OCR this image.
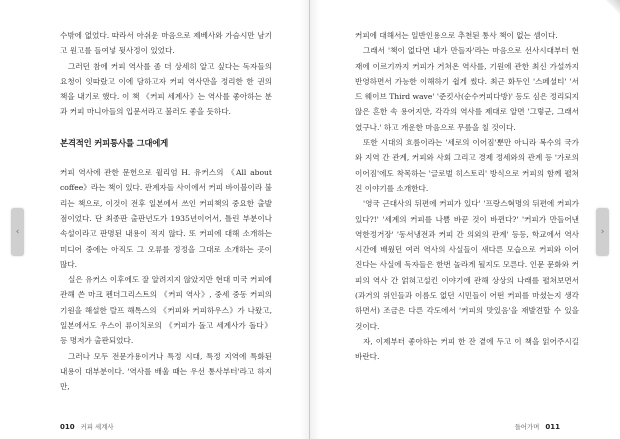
수밖에 없었다. 따라서 아쉬운 마음으로 제베사와 가슴시만 남기고 원고를 들여넣 뒷사정이 있었다.

그러던 참에 커피 역사를 좀 더 상세히 알고 싶다는 독자들의 요청이 잇따랐고 이에 담하고자 커피 역사만을 정리한 한 권의 책을 내기로 했다. 이 책 《커피 세계사》는 역사를 좋아하는 분과 커피 마니아들의 입문서라고 불러도 좋을 듯하다.

본격적인 커피통사를 그대에게

커피 역사에 관한 문헌으로 윌리엄 H. 유커스의 《All about coffee》라는 책이 있다. 관계자들 사이에서 커피 바이블이라 불리는 책으로, 이것이 전후 일본에서 쓰인 커피책의 중요한 출발점이었다. 단 최종판 출판년도가 1935년이어서, 틀린 부분이나 속설이라고 판명된 내용이 적지 않다. 또 커피에 대해 소개하는 미디어 중에는 아직도 그 오류를 정정을 그대로 소개하는 곳이 많다.

실은 유커스 이후에도 잘 알려지지 않았지만 현대 미국 커피에 관해 쓴 마크 펜더그리스트의 《커피 역사》, 중세 중동 커피의 기원을 해설한 랄프 해톡스의 《커피와 커피하우스》가 나왔고, 일본에서도 우스이 류이치로의 《커피가 돌고 세계사가 돌다》등 명저가 출판되었다.

그러나 모두 전문가용이거나 특정 시대, 특정 지역에 특화된 내용이 대부분이다. '역사를 배울 때는 우선 통사부터'라고 하지만,

010 커피 세계사

커피에 대해서는 일반인용으로 추천된 통사 책이 없는 셈이다.

그래서 '책이 없다면 내가 만들자'라는 마음으로 선사시대부터 현재에 이르기까지 커피가 거쳐온 역사를, 기원에 관한 최신 가설까지 반영하면서 가능한 이해하기 쉽게 썼다. 최근 화두인 '스페셜티' '서드 웨이브 Third wave' '준킷사(순수커피다방)' 등도 심은 정리되지 않은 흔한 속 용어지만, 각각의 역사를 제대로 알면 '그렇군, 그래서였구나.' 하고 개운한 마음으로 무릎을 칠 것이다.

또한 시대의 흐름이라는 '세로의 이어짐'뿐만 아니라 복수의 국가와 지역 간 관계, 커피와 사회 그리고 경제 정세와의 관계 등 '가로의 이어짐'에도 착목하는 '글로벌 히스토리' 방식으로 커피의 함께 펼쳐진 이야기를 소개한다.

'영국 근대사의 뒤편에 커피가 있다' '프랑스혁명의 뒤편에 커피가 있다?!' '세계의 커피를 나쁨 바꾼 것이 바뀐다?' '커피가 만들어낸 역한정거장' '동서냉전과 커피 간 의외의 관계' 등등, 학교에서 역사 시간에 배웠던 여러 역사의 사실들이 새다른 모습으로 커피와 이어진다는 사실에 독자들은 한번 놀라게 될지도 모른다. 인문 문화와 커피의 역사 간 얽혀고설킨 이야기에 관해 상상의 나래를 펼쳐보면서(과거의 위인들과 이름도 없던 시민들이 어떤 커피를 마셨는지 생각하면서) 조금은 다른 각도에서 '커피의 맛있음'을 재발견할 수 있을 것이다.

자, 이제부터 좋아하는 커피 한 잔 곁에 두고 이 책을 읽어주시길 바란다.

들어가며 011
‹	›
